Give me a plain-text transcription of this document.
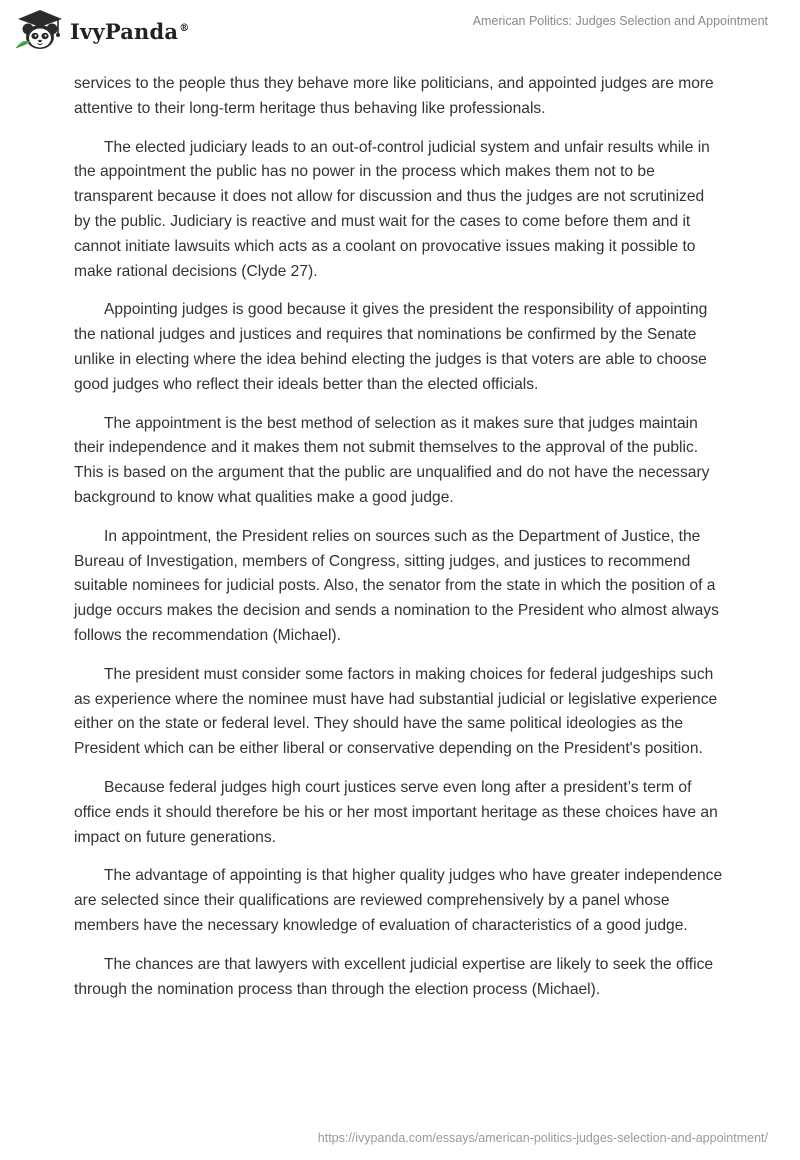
IvyPanda®	American Politics: Judges Selection and Appointment

services to the people thus they behave more like politicians, and appointed judges are more attentive to their long-term heritage thus behaving like professionals.

The elected judiciary leads to an out-of-control judicial system and unfair results while in the appointment the public has no power in the process which makes them not to be transparent because it does not allow for discussion and thus the judges are not scrutinized by the public. Judiciary is reactive and must wait for the cases to come before them and it cannot initiate lawsuits which acts as a coolant on provocative issues making it possible to make rational decisions (Clyde 27).

Appointing judges is good because it gives the president the responsibility of appointing the national judges and justices and requires that nominations be confirmed by the Senate unlike in electing where the idea behind electing the judges is that voters are able to choose good judges who reflect their ideals better than the elected officials.

The appointment is the best method of selection as it makes sure that judges maintain their independence and it makes them not submit themselves to the approval of the public. This is based on the argument that the public are unqualified and do not have the necessary background to know what qualities make a good judge.

In appointment, the President relies on sources such as the Department of Justice, the Bureau of Investigation, members of Congress, sitting judges, and justices to recommend suitable nominees for judicial posts. Also, the senator from the state in which the position of a judge occurs makes the decision and sends a nomination to the President who almost always follows the recommendation (Michael).

The president must consider some factors in making choices for federal judgeships such as experience where the nominee must have had substantial judicial or legislative experience either on the state or federal level. They should have the same political ideologies as the President which can be either liberal or conservative depending on the President's position.

Because federal judges high court justices serve even long after a president’s term of office ends it should therefore be his or her most important heritage as these choices have an impact on future generations.

The advantage of appointing is that higher quality judges who have greater independence are selected since their qualifications are reviewed comprehensively by a panel whose members have the necessary knowledge of evaluation of characteristics of a good judge.

The chances are that lawyers with excellent judicial expertise are likely to seek the office through the nomination process than through the election process (Michael).

https://ivypanda.com/essays/american-politics-judges-selection-and-appointment/
